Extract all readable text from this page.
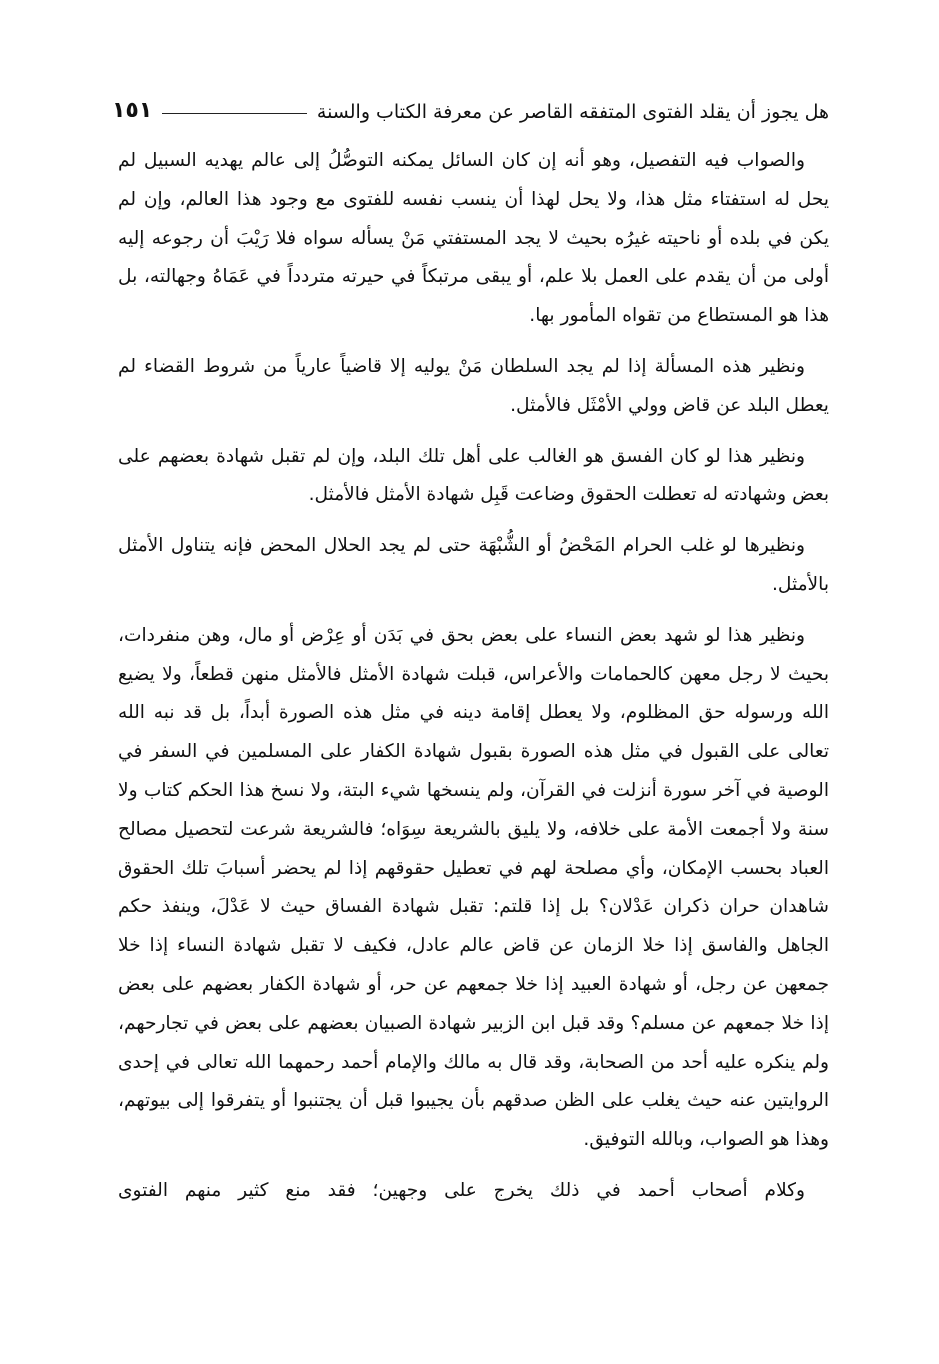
هل يجوز أن يقلد الفتوى المتفقه القاصر عن معرفة الكتاب والسنة
١٥١

والصواب فيه التفصيل، وهو أنه إن كان السائل يمكنه التوصُّلُ إلى عالم يهديه السبيل لم يحل له استفتاء مثل هذا، ولا يحل لهذا أن ينسب نفسه للفتوى مع وجود هذا العالم، وإن لم يكن في بلده أو ناحيته غيرُه بحيث لا يجد المستفتي مَنْ يسأله سواه فلا رَيْبَ أن رجوعه إليه أولى من أن يقدم على العمل بلا علم، أو يبقى مرتبكاً في حيرته متردداً في عَمَاهُ وجهالته، بل هذا هو المستطاع من تقواه المأمور بها.

ونظير هذه المسألة إذا لم يجد السلطان مَنْ يوليه إلا قاضياً عارياً من شروط القضاء لم يعطل البلد عن قاض وولي الأمْثَل فالأمثل.

ونظير هذا لو كان الفسق هو الغالب على أهل تلك البلد، وإن لم تقبل شهادة بعضهم على بعض وشهادته له تعطلت الحقوق وضاعت قَبِل شهادة الأمثل فالأمثل.

ونظيرها لو غلب الحرام المَحْضُ أو الشُّبْهَة حتى لم يجد الحلال المحض فإنه يتناول الأمثل بالأمثل.

ونظير هذا لو شهد بعض النساء على بعض بحق في بَدَن أو عِرْض أو مال، وهن منفردات، بحيث لا رجل معهن كالحمامات والأعراس، قبلت شهادة الأمثل فالأمثل منهن قطعاً، ولا يضيع الله ورسوله حق المظلوم، ولا يعطل إقامة دينه في مثل هذه الصورة أبداً، بل قد نبه الله تعالى على القبول في مثل هذه الصورة بقبول شهادة الكفار على المسلمين في السفر في الوصية في آخر سورة أنزلت في القرآن، ولم ينسخها شيء البتة، ولا نسخ هذا الحكم كتاب ولا سنة ولا أجمعت الأمة على خلافه، ولا يليق بالشريعة سِوَاه؛ فالشريعة شرعت لتحصيل مصالح العباد بحسب الإمكان، وأي مصلحة لهم في تعطيل حقوقهم إذا لم يحضر أسبابَ تلك الحقوق شاهدان حران ذكران عَدْلان؟ بل إذا قلتم: تقبل شهادة الفساق حيث لا عَدْلَ، وينفذ حكم الجاهل والفاسق إذا خلا الزمان عن قاض عالم عادل، فكيف لا تقبل شهادة النساء إذا خلا جمعهن عن رجل، أو شهادة العبيد إذا خلا جمعهم عن حر، أو شهادة الكفار بعضهم على بعض إذا خلا جمعهم عن مسلم؟ وقد قبل ابن الزبير شهادة الصبيان بعضهم على بعض في تجارحهم، ولم ينكره عليه أحد من الصحابة، وقد قال به مالك والإمام أحمد رحمهما الله تعالى في إحدى الروايتين عنه حيث يغلب على الظن صدقهم بأن يجيبوا قبل أن يجتنبوا أو يتفرقوا إلى بيوتهم، وهذا هو الصواب، وبالله التوفيق.

وكلام أصحاب أحمد في ذلك يخرج على وجهين؛ فقد منع كثير منهم الفتوى
